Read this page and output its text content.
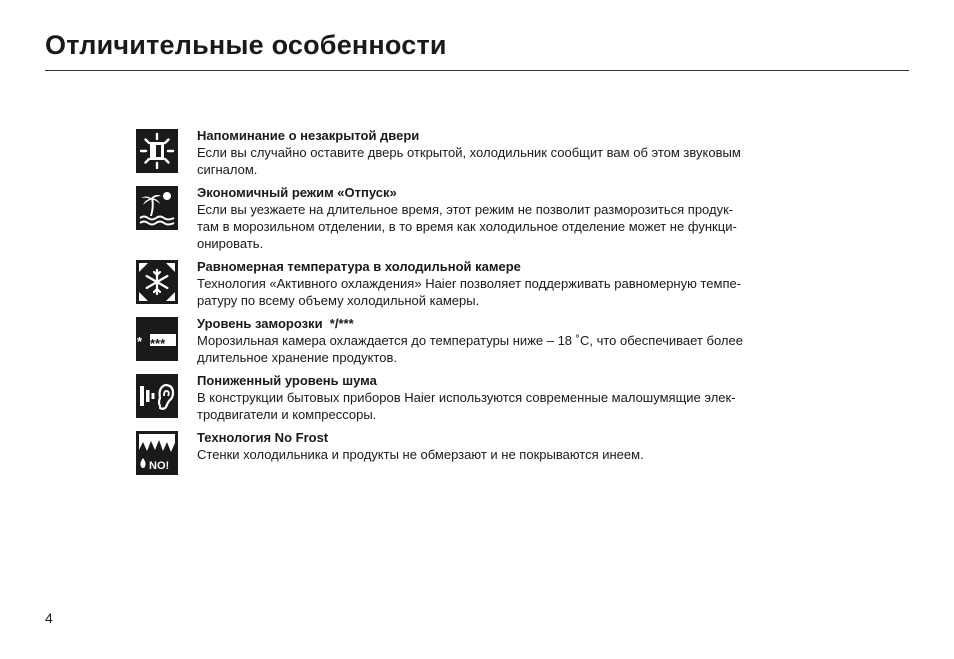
Отличительные особенности
Напоминание о незакрытой двери
Если вы случайно оставите дверь открытой, холодильник сообщит вам об этом звуковым
сигналом.
Экономичный режим «Отпуск»
Если вы уезжаете на длительное время, этот режим не позволит разморозиться продук-
там в морозильном отделении, в то время как холодильное отделение может не функци-
онировать.
Равномерная температура в холодильной камере
Технология «Активного охлаждения» Haier позволяет поддерживать равномерную темпе-
ратуру по всему объему холодильной камеры.
* ***
Уровень заморозки  */***
Морозильная камера охлаждается до температуры ниже – 18 ˚С, что обеспечивает более
длительное хранение продуктов.
Пониженный уровень шума
В конструкции бытовых приборов Haier используются современные малошумящие элек-
тродвигатели и компрессоры.
NO!
Технология No Frost
Стенки холодильника и продукты не обмерзают и не покрываются инеем.
4
